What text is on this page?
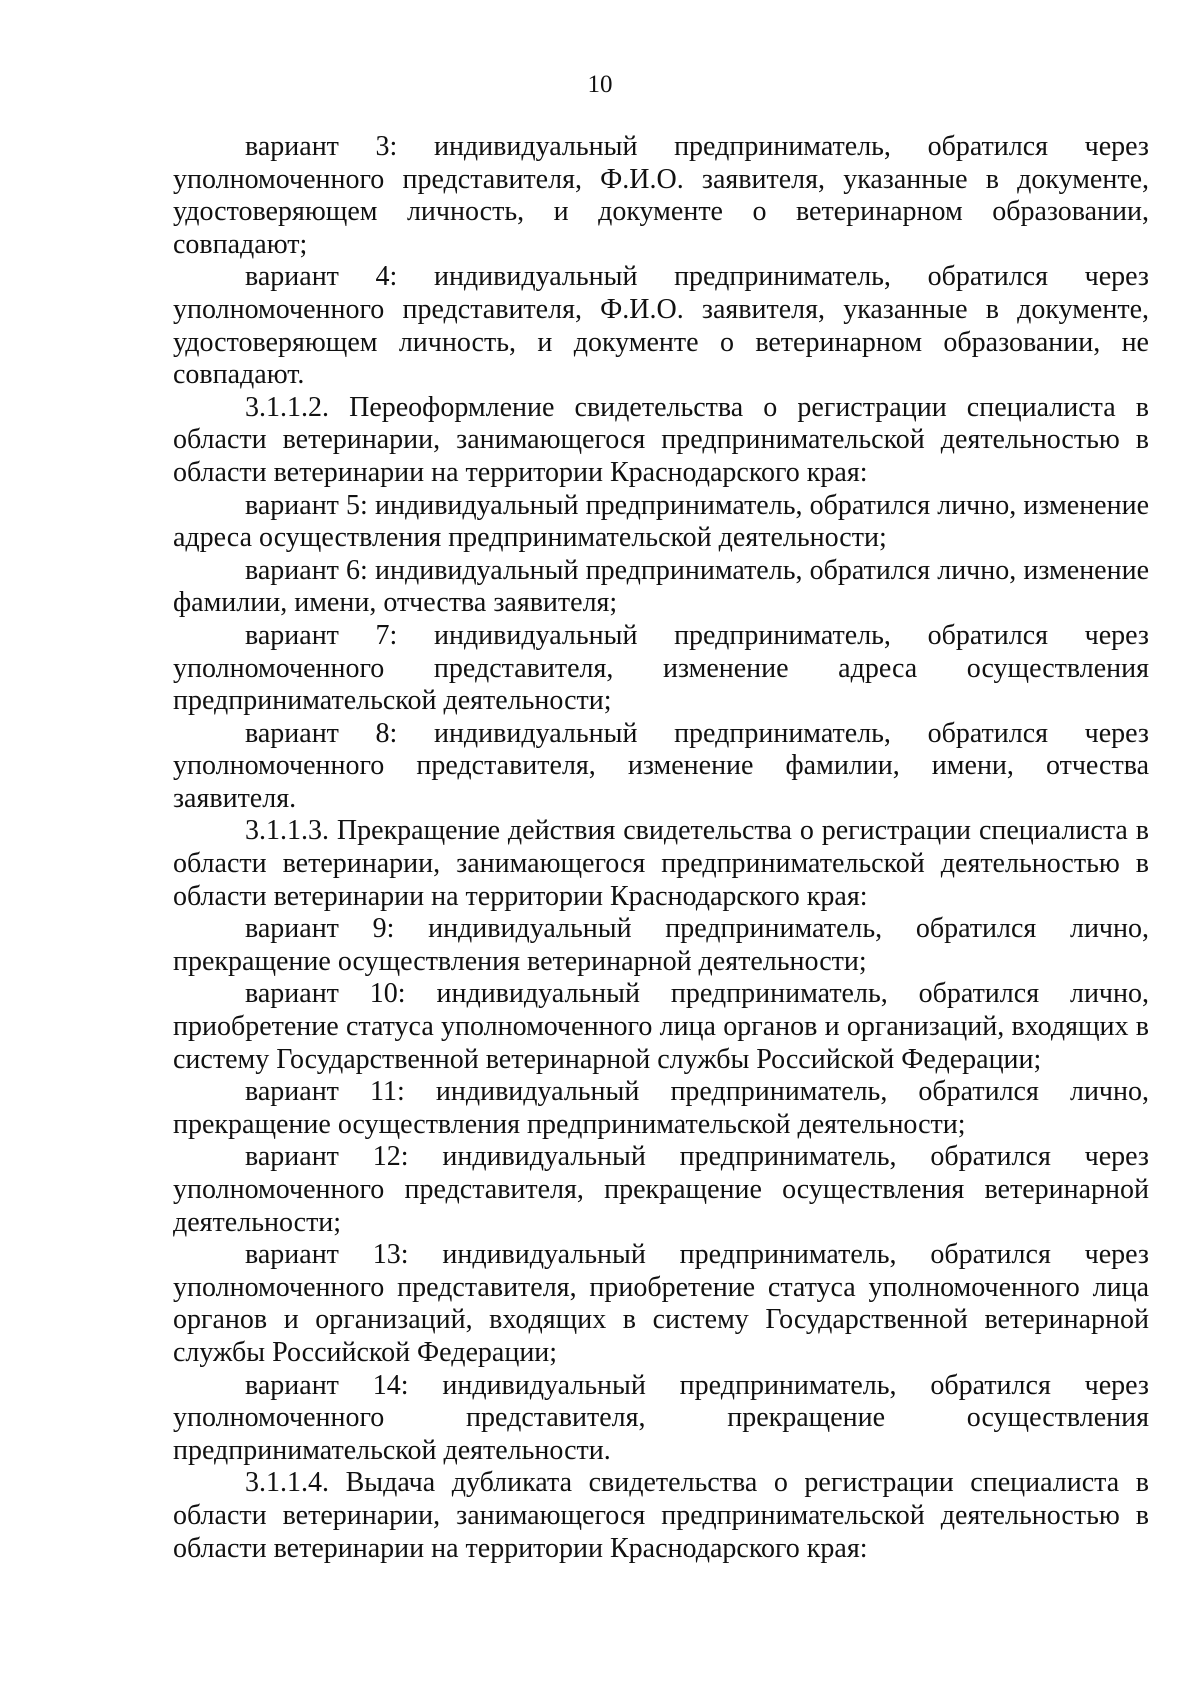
10

вариант 3: индивидуальный предприниматель, обратился через уполномоченного представителя, Ф.И.О. заявителя, указанные в документе, удостоверяющем личность, и документе о ветеринарном образовании, совпадают;

вариант 4: индивидуальный предприниматель, обратился через уполномоченного представителя, Ф.И.О. заявителя, указанные в документе, удостоверяющем личность, и документе о ветеринарном образовании, не совпадают.

3.1.1.2. Переоформление свидетельства о регистрации специалиста в области ветеринарии, занимающегося предпринимательской деятельностью в области ветеринарии на территории Краснодарского края:

вариант 5: индивидуальный предприниматель, обратился лично, изменение адреса осуществления предпринимательской деятельности;

вариант 6: индивидуальный предприниматель, обратился лично, изменение фамилии, имени, отчества заявителя;

вариант 7: индивидуальный предприниматель, обратился через уполномоченного представителя, изменение адреса осуществления предпринимательской деятельности;

вариант 8: индивидуальный предприниматель, обратился через уполномоченного представителя, изменение фамилии, имени, отчества заявителя.

3.1.1.3. Прекращение действия свидетельства о регистрации специалиста в области ветеринарии, занимающегося предпринимательской деятельностью в области ветеринарии на территории Краснодарского края:

вариант 9: индивидуальный предприниматель, обратился лично, прекращение осуществления ветеринарной деятельности;

вариант 10: индивидуальный предприниматель, обратился лично, приобретение статуса уполномоченного лица органов и организаций, входящих в систему Государственной ветеринарной службы Российской Федерации;

вариант 11: индивидуальный предприниматель, обратился лично, прекращение осуществления предпринимательской деятельности;

вариант 12: индивидуальный предприниматель, обратился через уполномоченного представителя, прекращение осуществления ветеринарной деятельности;

вариант 13: индивидуальный предприниматель, обратился через уполномоченного представителя, приобретение статуса уполномоченного лица органов и организаций, входящих в систему Государственной ветеринарной службы Российской Федерации;

вариант 14: индивидуальный предприниматель, обратился через уполномоченного представителя, прекращение осуществления предпринимательской деятельности.

3.1.1.4. Выдача дубликата свидетельства о регистрации специалиста в области ветеринарии, занимающегося предпринимательской деятельностью в области ветеринарии на территории Краснодарского края:
